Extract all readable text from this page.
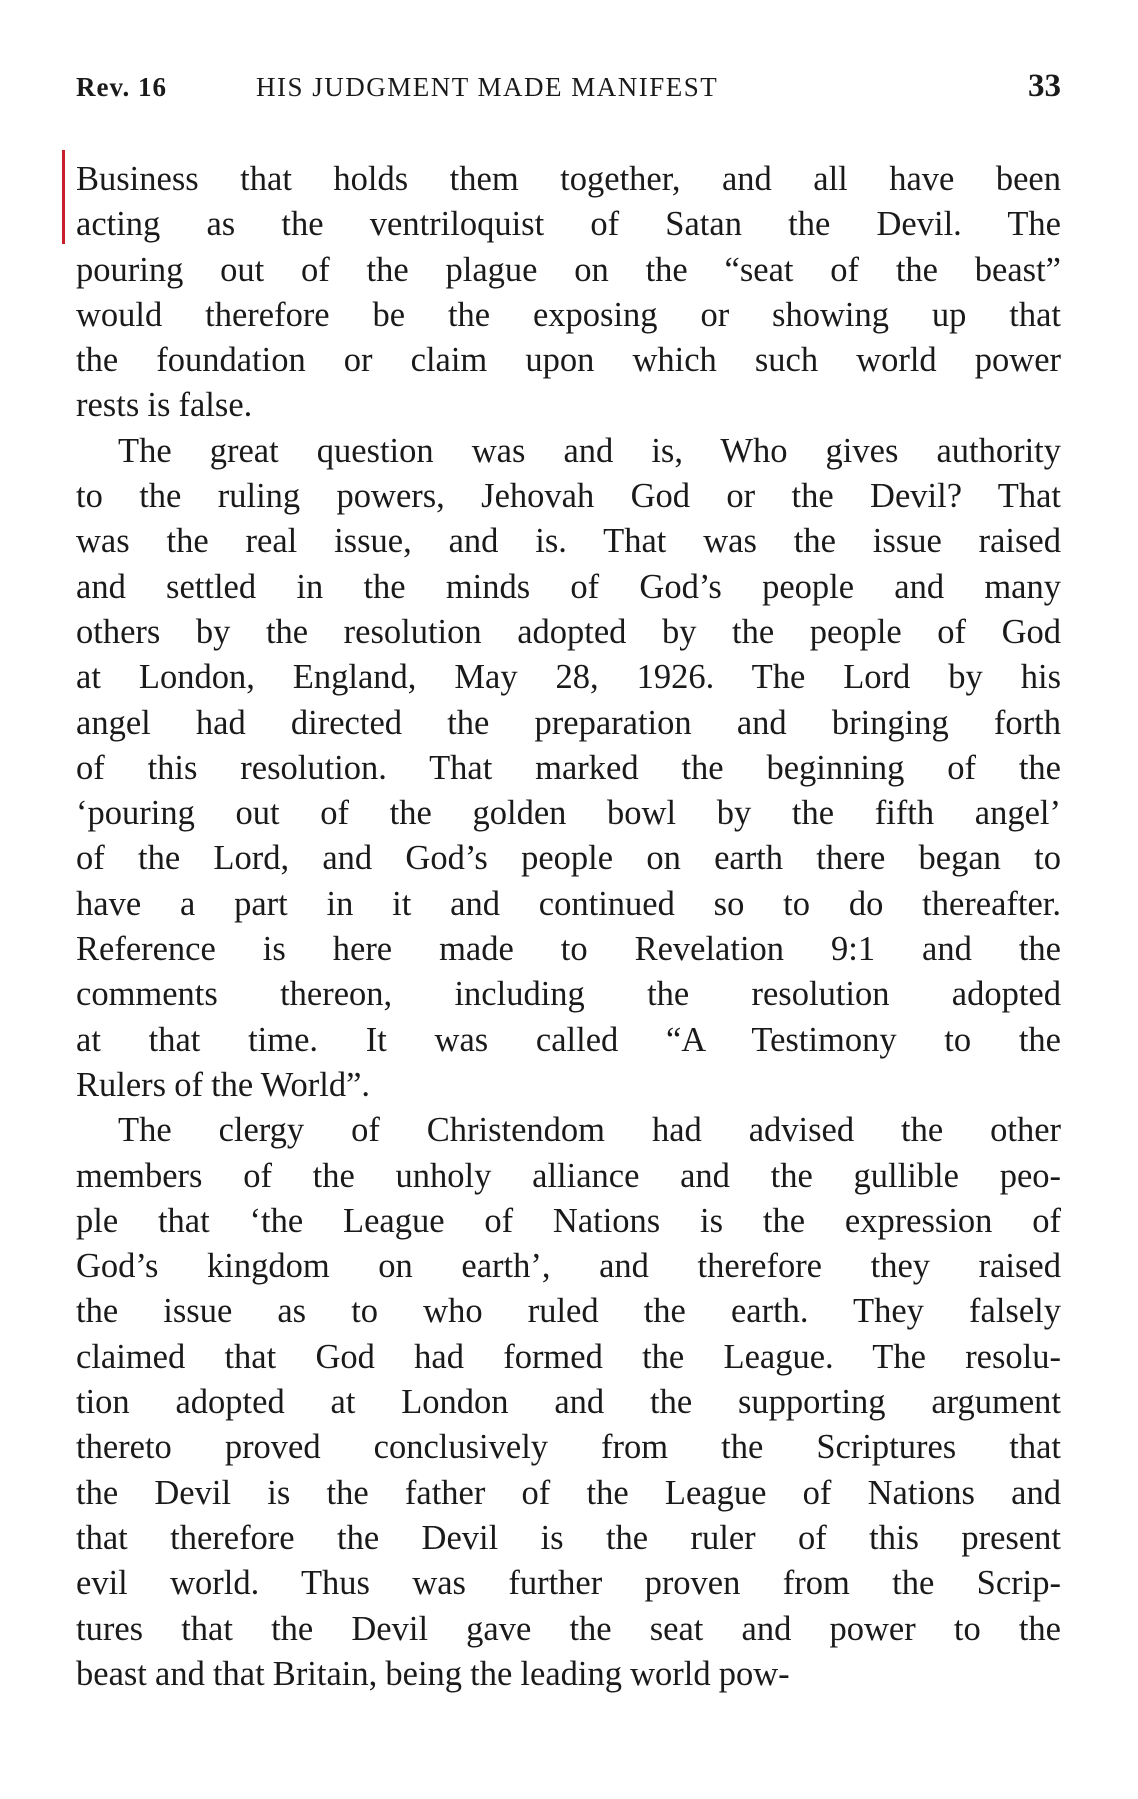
Rev. 16	HIS JUDGMENT MADE MANIFEST	33
Business that holds them together, and all have been
acting as the ventriloquist of Satan the Devil. The
pouring out of the plague on the “seat of the beast”
would therefore be the exposing or showing up that
the foundation or claim upon which such world power
rests is false.
The great question was and is, Who gives authority
to the ruling powers, Jehovah God or the Devil? That
was the real issue, and is. That was the issue raised
and settled in the minds of God’s people and many
others by the resolution adopted by the people of God
at London, England, May 28, 1926. The Lord by his
angel had directed the preparation and bringing forth
of this resolution. That marked the beginning of the
‘pouring out of the golden bowl by the fifth angel’
of the Lord, and God’s people on earth there began to
have a part in it and continued so to do thereafter.
Reference is here made to Revelation 9:1 and the
comments thereon, including the resolution adopted
at that time. It was called “A Testimony to the
Rulers of the World”.
The clergy of Christendom had advised the other
members of the unholy alliance and the gullible peo-
ple that ‘the League of Nations is the expression of
God’s kingdom on earth’, and therefore they raised
the issue as to who ruled the earth. They falsely
claimed that God had formed the League. The resolu-
tion adopted at London and the supporting argument
thereto proved conclusively from the Scriptures that
the Devil is the father of the League of Nations and
that therefore the Devil is the ruler of this present
evil world. Thus was further proven from the Scrip-
tures that the Devil gave the seat and power to the
beast and that Britain, being the leading world pow-
